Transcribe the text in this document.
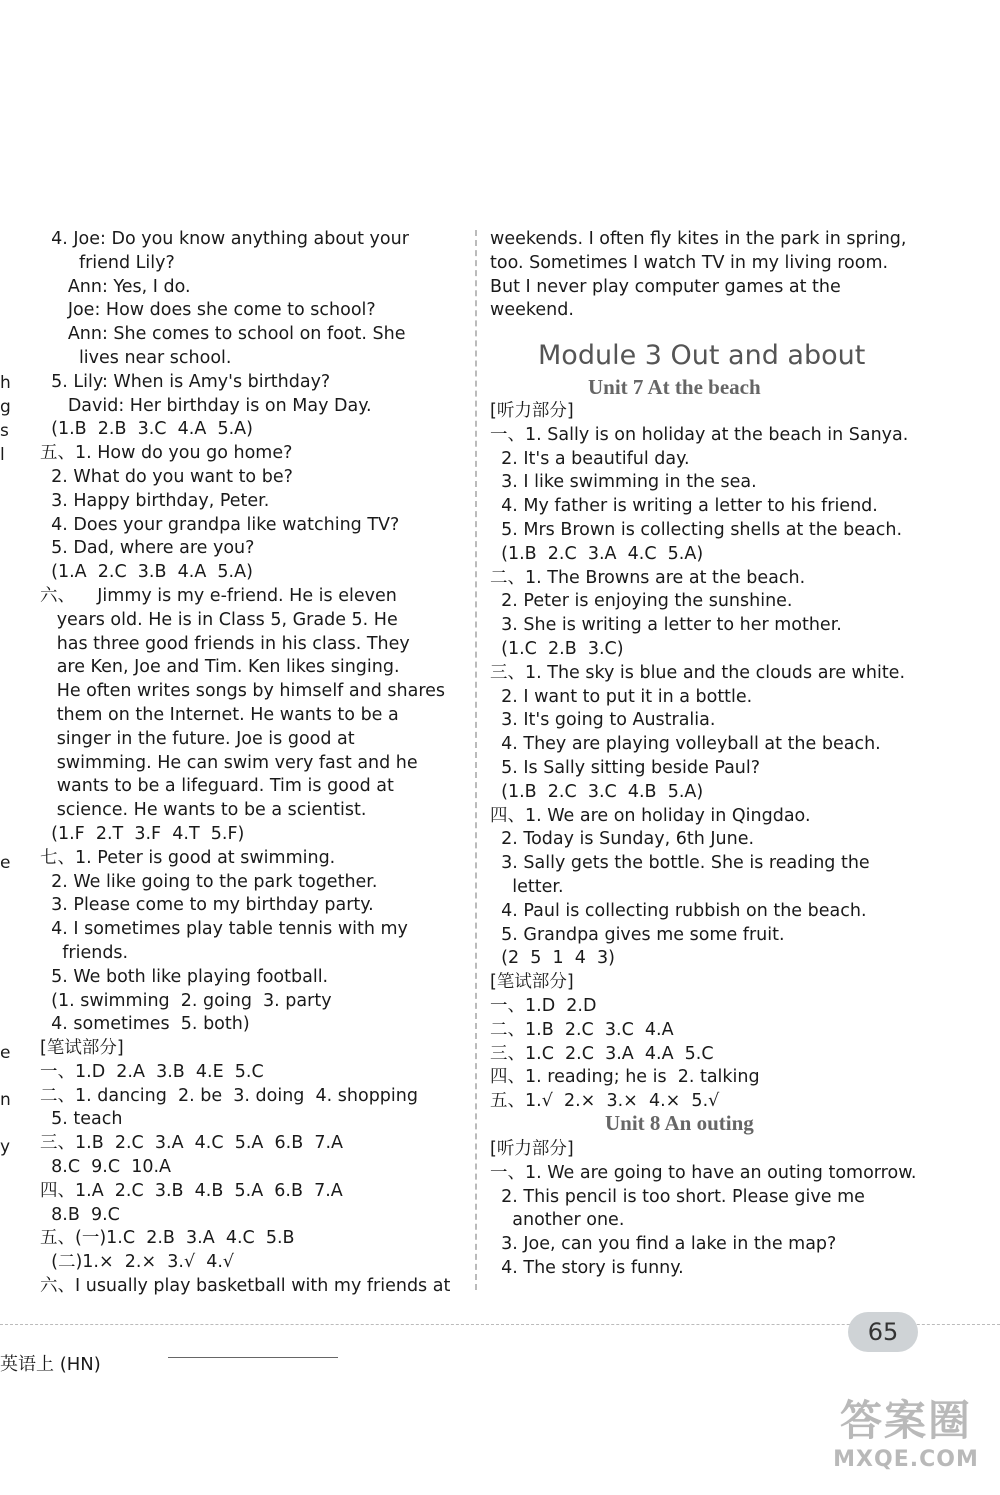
h
g
s
l
e
e
n
y
4. Joe: Do you know anything about your
friend Lily?
Ann: Yes, I do.
Joe: How does she come to school?
Ann: She comes to school on foot. She
lives near school.
5. Lily: When is Amy's birthday?
David: Her birthday is on May Day.
(1.B  2.B  3.C  4.A  5.A)
五、1. How do you go home?
2. What do you want to be?
3. Happy birthday, Peter.
4. Does your grandpa like watching TV?
5. Dad, where are you?
(1.A  2.C  3.B  4.A  5.A)
六、    Jimmy is my e-friend. He is eleven
years old. He is in Class 5, Grade 5. He
has three good friends in his class. They
are Ken, Joe and Tim. Ken likes singing.
He often writes songs by himself and shares
them on the Internet. He wants to be a
singer in the future. Joe is good at
swimming. He can swim very fast and he
wants to be a lifeguard. Tim is good at
science. He wants to be a scientist.
(1.F  2.T  3.F  4.T  5.F)
七、1. Peter is good at swimming.
2. We like going to the park together.
3. Please come to my birthday party.
4. I sometimes play table tennis with my
friends.
5. We both like playing football.
(1. swimming  2. going  3. party
4. sometimes  5. both)
[笔试部分]
一、1.D  2.A  3.B  4.E  5.C
二、1. dancing  2. be  3. doing  4. shopping
5. teach
三、1.B  2.C  3.A  4.C  5.A  6.B  7.A
8.C  9.C  10.A
四、1.A  2.C  3.B  4.B  5.A  6.B  7.A
8.B  9.C
五、(一)1.C  2.B  3.A  4.C  5.B
(二)1.×  2.×  3.√  4.√
六、I usually play basketball with my friends at
weekends. I often fly kites in the park in spring,
too. Sometimes I watch TV in my living room.
But I never play computer games at the
weekend.
Module 3 Out and about
Unit 7 At the beach
[听力部分]
一、1. Sally is on holiday at the beach in Sanya.
2. It's a beautiful day.
3. I like swimming in the sea.
4. My father is writing a letter to his friend.
5. Mrs Brown is collecting shells at the beach.
(1.B  2.C  3.A  4.C  5.A)
二、1. The Browns are at the beach.
2. Peter is enjoying the sunshine.
3. She is writing a letter to her mother.
(1.C  2.B  3.C)
三、1. The sky is blue and the clouds are white.
2. I want to put it in a bottle.
3. It's going to Australia.
4. They are playing volleyball at the beach.
5. Is Sally sitting beside Paul?
(1.B  2.C  3.C  4.B  5.A)
四、1. We are on holiday in Qingdao.
2. Today is Sunday, 6th June.
3. Sally gets the bottle. She is reading the
letter.
4. Paul is collecting rubbish on the beach.
5. Grandpa gives me some fruit.
(2  5  1  4  3)
[笔试部分]
一、1.D  2.D
二、1.B  2.C  3.C  4.A
三、1.C  2.C  3.A  4.A  5.C
四、1. reading; he is  2. talking
五、1.√  2.×  3.×  4.×  5.√
Unit 8 An outing
[听力部分]
一、1. We are going to have an outing tomorrow.
2. This pencil is too short. Please give me
another one.
3. Joe, can you find a lake in the map?
4. The story is funny.
英语上 (HN)
65
答案圈
MXQE.COM
